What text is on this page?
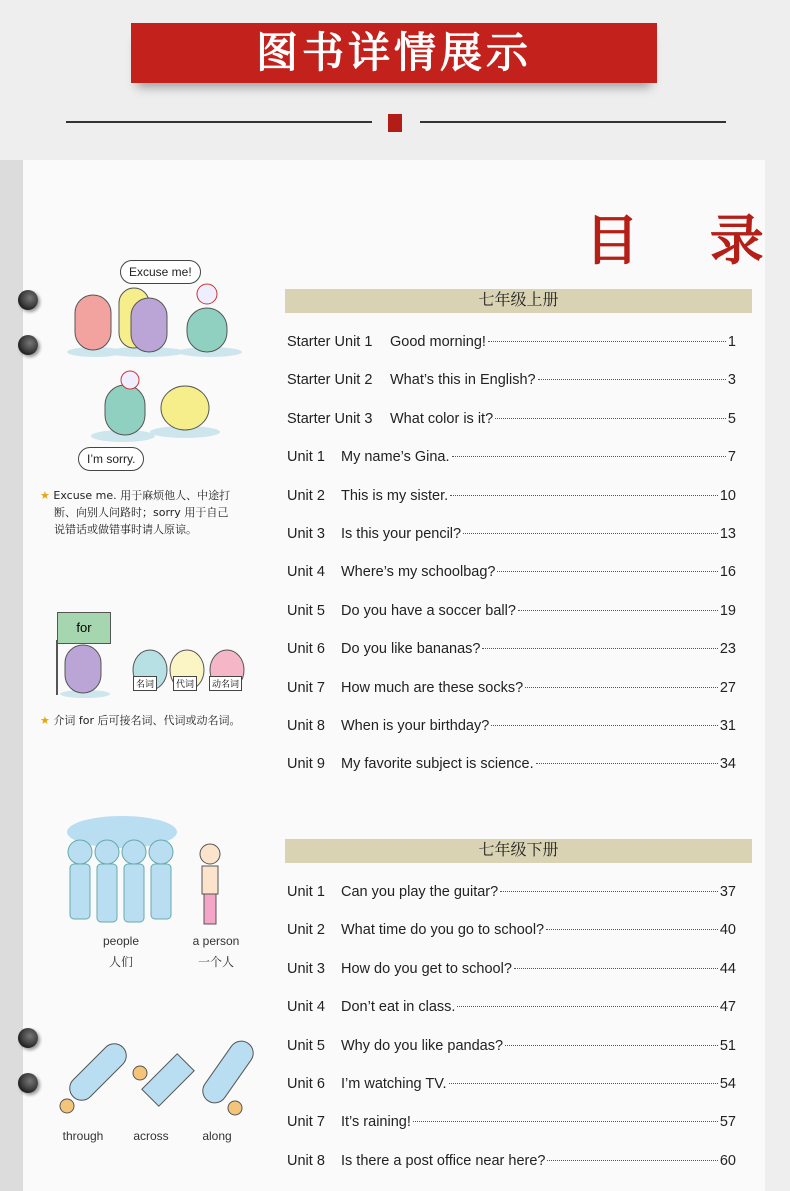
图书详情展示
目 录
Excuse me!
I’m sorry.
★ Excuse me. 用于麻烦他人、中途打
断、向别人问路时；sorry 用于自己
说错话或做错事时请人原谅。
for
名词	代词	动名词
★ 介词 for 后可接名词、代词或动名词。
people
人们
a person
一个人
through	across	along
七年级上册
Starter Unit 1	Good morning!	1
Starter Unit 2	What’s this in English?	3
Starter Unit 3	What color is it?	5
Unit 1	My name’s Gina.	7
Unit 2	This is my sister.	10
Unit 3	Is this your pencil?	13
Unit 4	Where’s my schoolbag?	16
Unit 5	Do you have a soccer ball?	19
Unit 6	Do you like bananas?	23
Unit 7	How much are these socks?	27
Unit 8	When is your birthday?	31
Unit 9	My favorite subject is science.	34
七年级下册
Unit 1	Can you play the guitar?	37
Unit 2	What time do you go to school?	40
Unit 3	How do you get to school?	44
Unit 4	Don’t eat in class.	47
Unit 5	Why do you like pandas?	51
Unit 6	I’m watching TV.	54
Unit 7	It’s raining!	57
Unit 8	Is there a post office near here?	60
